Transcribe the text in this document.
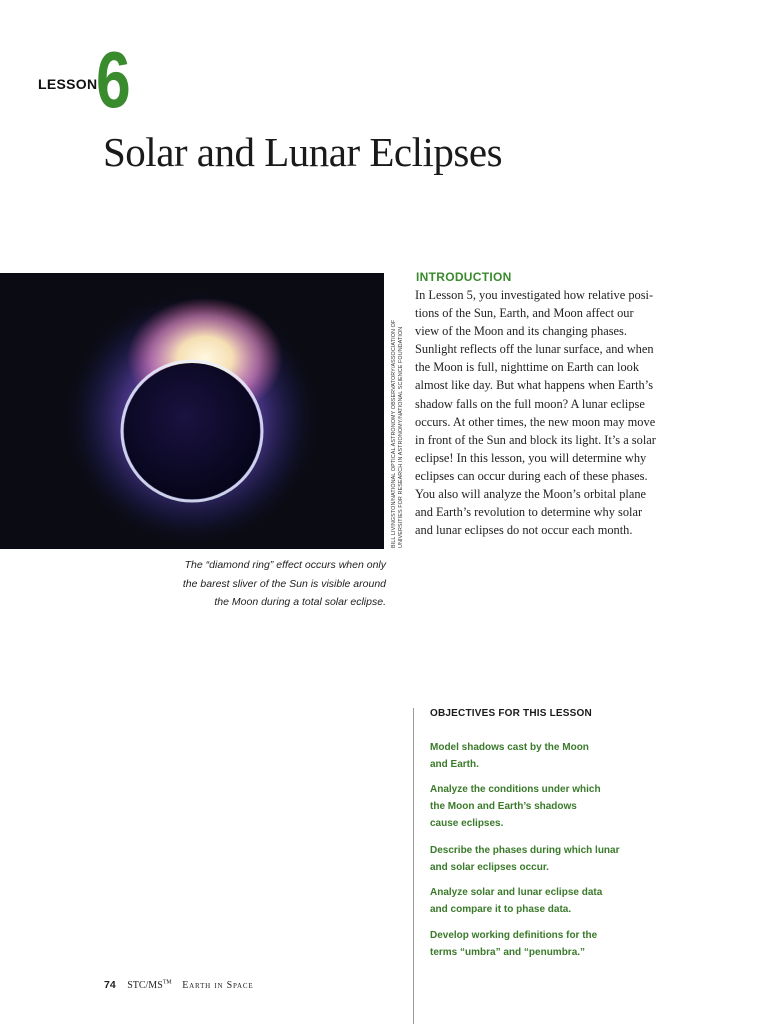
LESSON
6
Solar and Lunar Eclipses
BILL LIVINGSTON/NATIONAL OPTICAL ASTRONOMY OBSERVATORY/ASSOCIATION OF UNIVERSITIES FOR RESEARCH IN ASTRONOMY/NATIONAL SCIENCE FOUNDATION
The “diamond ring” effect occurs when only
the barest sliver of the Sun is visible around
the Moon during a total solar eclipse.
INTRODUCTION
In Lesson 5, you investigated how relative posi-
tions of the Sun, Earth, and Moon affect our
view of the Moon and its changing phases.
Sunlight reflects off the lunar surface, and when
the Moon is full, nighttime on Earth can look
almost like day. But what happens when Earth’s
shadow falls on the full moon? A lunar eclipse
occurs. At other times, the new moon may move
in front of the Sun and block its light. It’s a solar
eclipse! In this lesson, you will determine why
eclipses can occur during each of these phases.
You also will analyze the Moon’s orbital plane
and Earth’s revolution to determine why solar
and lunar eclipses do not occur each month.
OBJECTIVES FOR THIS LESSON
Model shadows cast by the Moon
and Earth.
Analyze the conditions under which
the Moon and Earth’s shadows
cause eclipses.
Describe the phases during which lunar
and solar eclipses occur.
Analyze solar and lunar eclipse data
and compare it to phase data.
Develop working definitions for the
terms “umbra” and “penumbra.”
74 STC/MS™ Earth in Space
